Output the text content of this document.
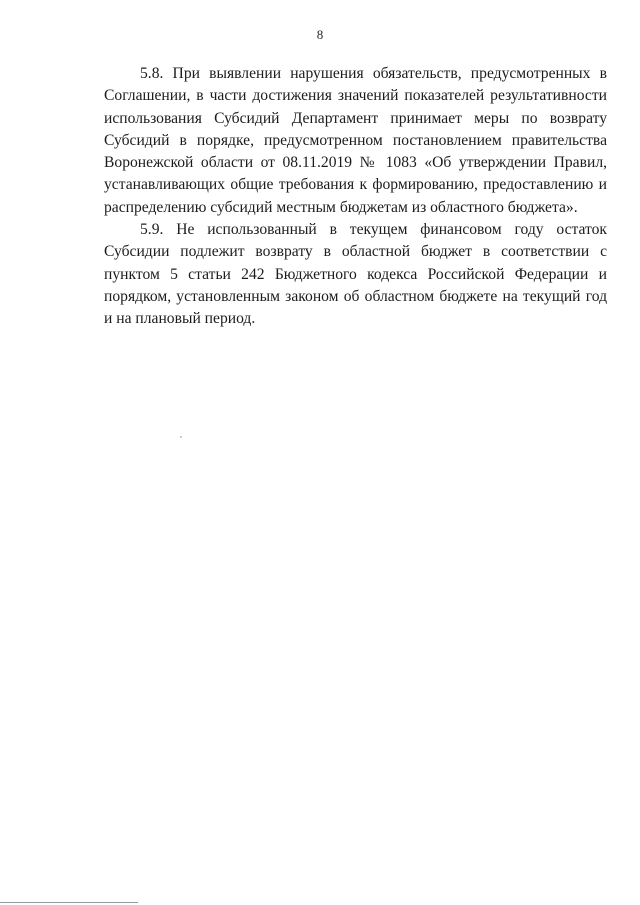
8

5.8. При выявлении нарушения обязательств, предусмотренных в Соглашении, в части достижения значений показателей результативности использования Субсидий Департамент принимает меры по возврату Субсидий в порядке, предусмотренном постановлением правительства Воронежской области от 08.11.2019 № 1083 «Об утверждении Правил, устанавливающих общие требования к формированию, предоставлению и распределению субсидий местным бюджетам из областного бюджета».

5.9. Не использованный в текущем финансовом году остаток Субсидии подлежит возврату в областной бюджет в соответствии с пунктом 5 статьи 242 Бюджетного кодекса Российской Федерации и порядком, установленным законом об областном бюджете на текущий год и на плановый период.
